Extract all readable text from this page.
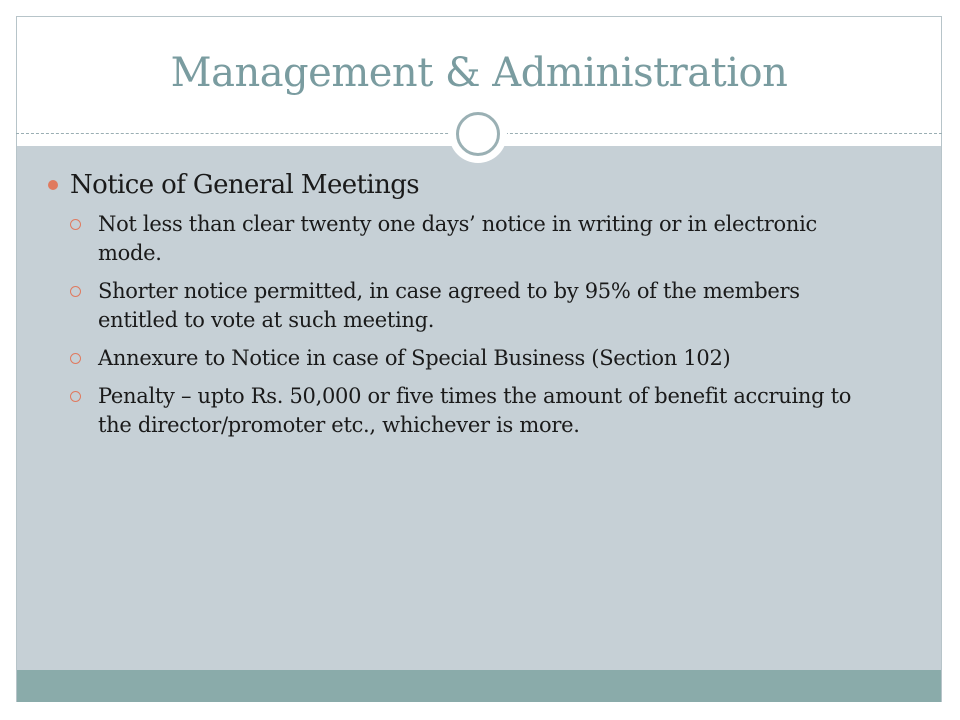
Management & Administration
Notice of General Meetings
Not less than clear twenty one days’ notice in writing or in electronic mode.
Shorter notice permitted, in case agreed to by 95% of the members entitled to vote at such meeting.
Annexure to Notice in case of Special Business (Section 102)
Penalty – upto Rs. 50,000 or five times the amount of benefit accruing to the director/promoter etc., whichever is more.
